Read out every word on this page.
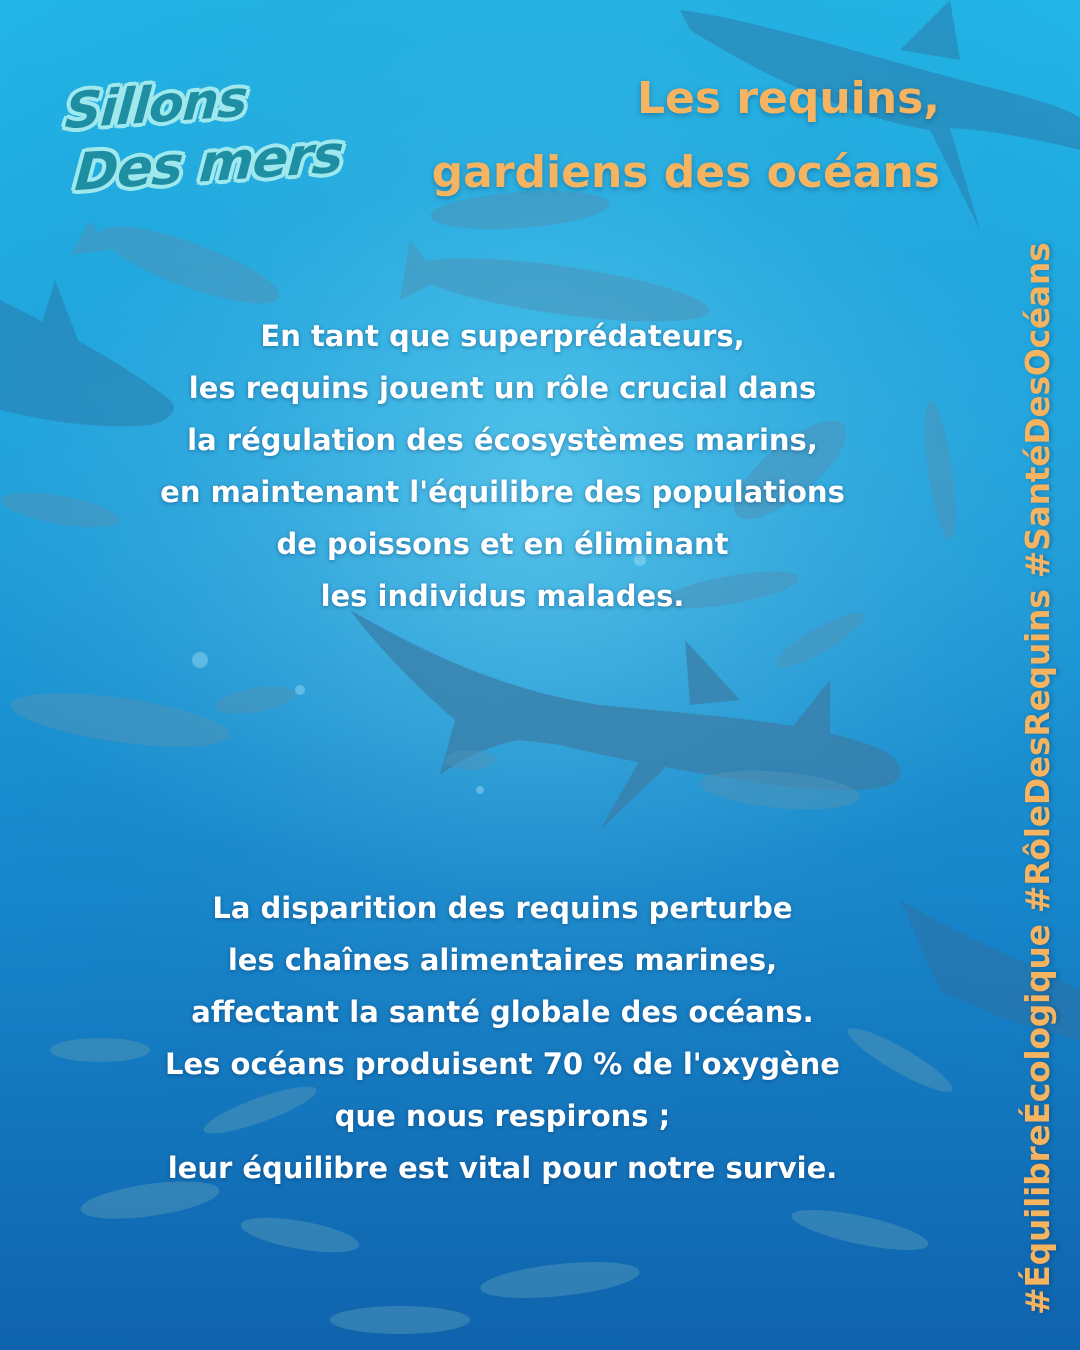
Sillons
Des mers
Les requins,
gardiens des océans
En tant que superprédateurs,
les requins jouent un rôle crucial dans
la régulation des écosystèmes marins,
en maintenant l'équilibre des populations
de poissons et en éliminant
les individus malades.
La disparition des requins perturbe
les chaînes alimentaires marines,
affectant la santé globale des océans.
Les océans produisent 70 % de l'oxygène
que nous respirons ;
leur équilibre est vital pour notre survie.	#ÉquilibreÉcologique #RôleDesRequins #SantéDesOcéans
